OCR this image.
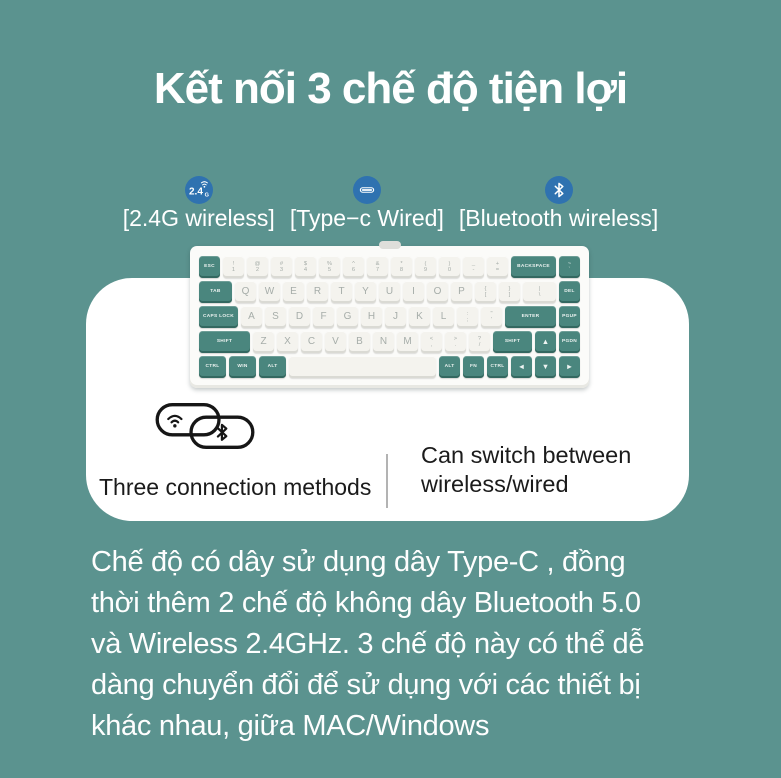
Kết nối 3 chế độ tiện lợi
2.4 G
[2.4G wireless] [Type−c Wired] [Bluetooth wireless]
ESC	!
1
@
2
#
3
$
4
%
5
^
6
&
7
*
8
(
9
)
0
_
-
+
=
BACKSPACE	~
`
TAB Q W E R T Y U I O P	{
[
}
]
|
\
DEL
CAPS LOCK A S D F G H J K L	:
;
"
'
ENTER	PGUP
SHIFT	Z X C V B N M	<
,
>
.
?
/
SHIFT	▲	PGDN
CTRL	WIN	ALT	ALT	FN	CTRL ◄ ▼ ►
Three connection methods
Can switch between
wireless/wired
Chế độ có dây sử dụng dây Type-C , đồng
thời thêm 2 chế độ không dây Bluetooth 5.0
và Wireless 2.4GHz. 3 chế độ này có thể dễ
dàng chuyển đổi để sử dụng với các thiết bị
khác nhau, giữa MAC/Windows
